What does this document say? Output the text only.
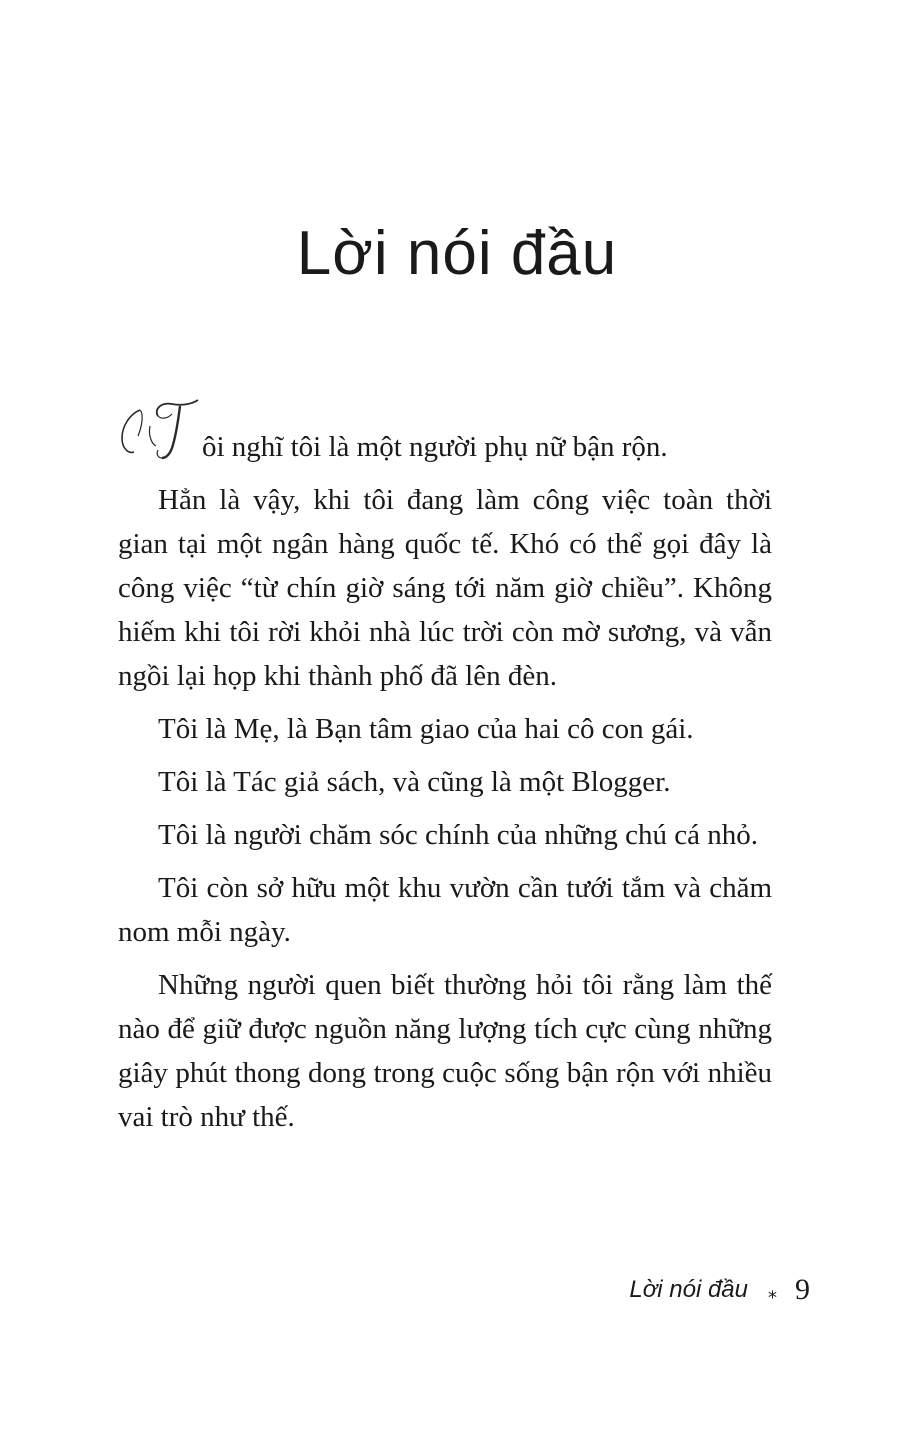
Lời nói đầu

ôi nghĩ tôi là một người phụ nữ bận rộn.

Hẳn là vậy, khi tôi đang làm công việc toàn thời gian tại một ngân hàng quốc tế. Khó có thể gọi đây là công việc “từ chín giờ sáng tới năm giờ chiều”. Không hiếm khi tôi rời khỏi nhà lúc trời còn mờ sương, và vẫn ngồi lại họp khi thành phố đã lên đèn.

Tôi là Mẹ, là Bạn tâm giao của hai cô con gái.

Tôi là Tác giả sách, và cũng là một Blogger.

Tôi là người chăm sóc chính của những chú cá nhỏ.

Tôi còn sở hữu một khu vườn cần tưới tắm và chăm nom mỗi ngày.

Những người quen biết thường hỏi tôi rằng làm thế nào để giữ được nguồn năng lượng tích cực cùng những giây phút thong dong trong cuộc sống bận rộn với nhiều vai trò như thế.

Lời nói đầu ⁎ 9
